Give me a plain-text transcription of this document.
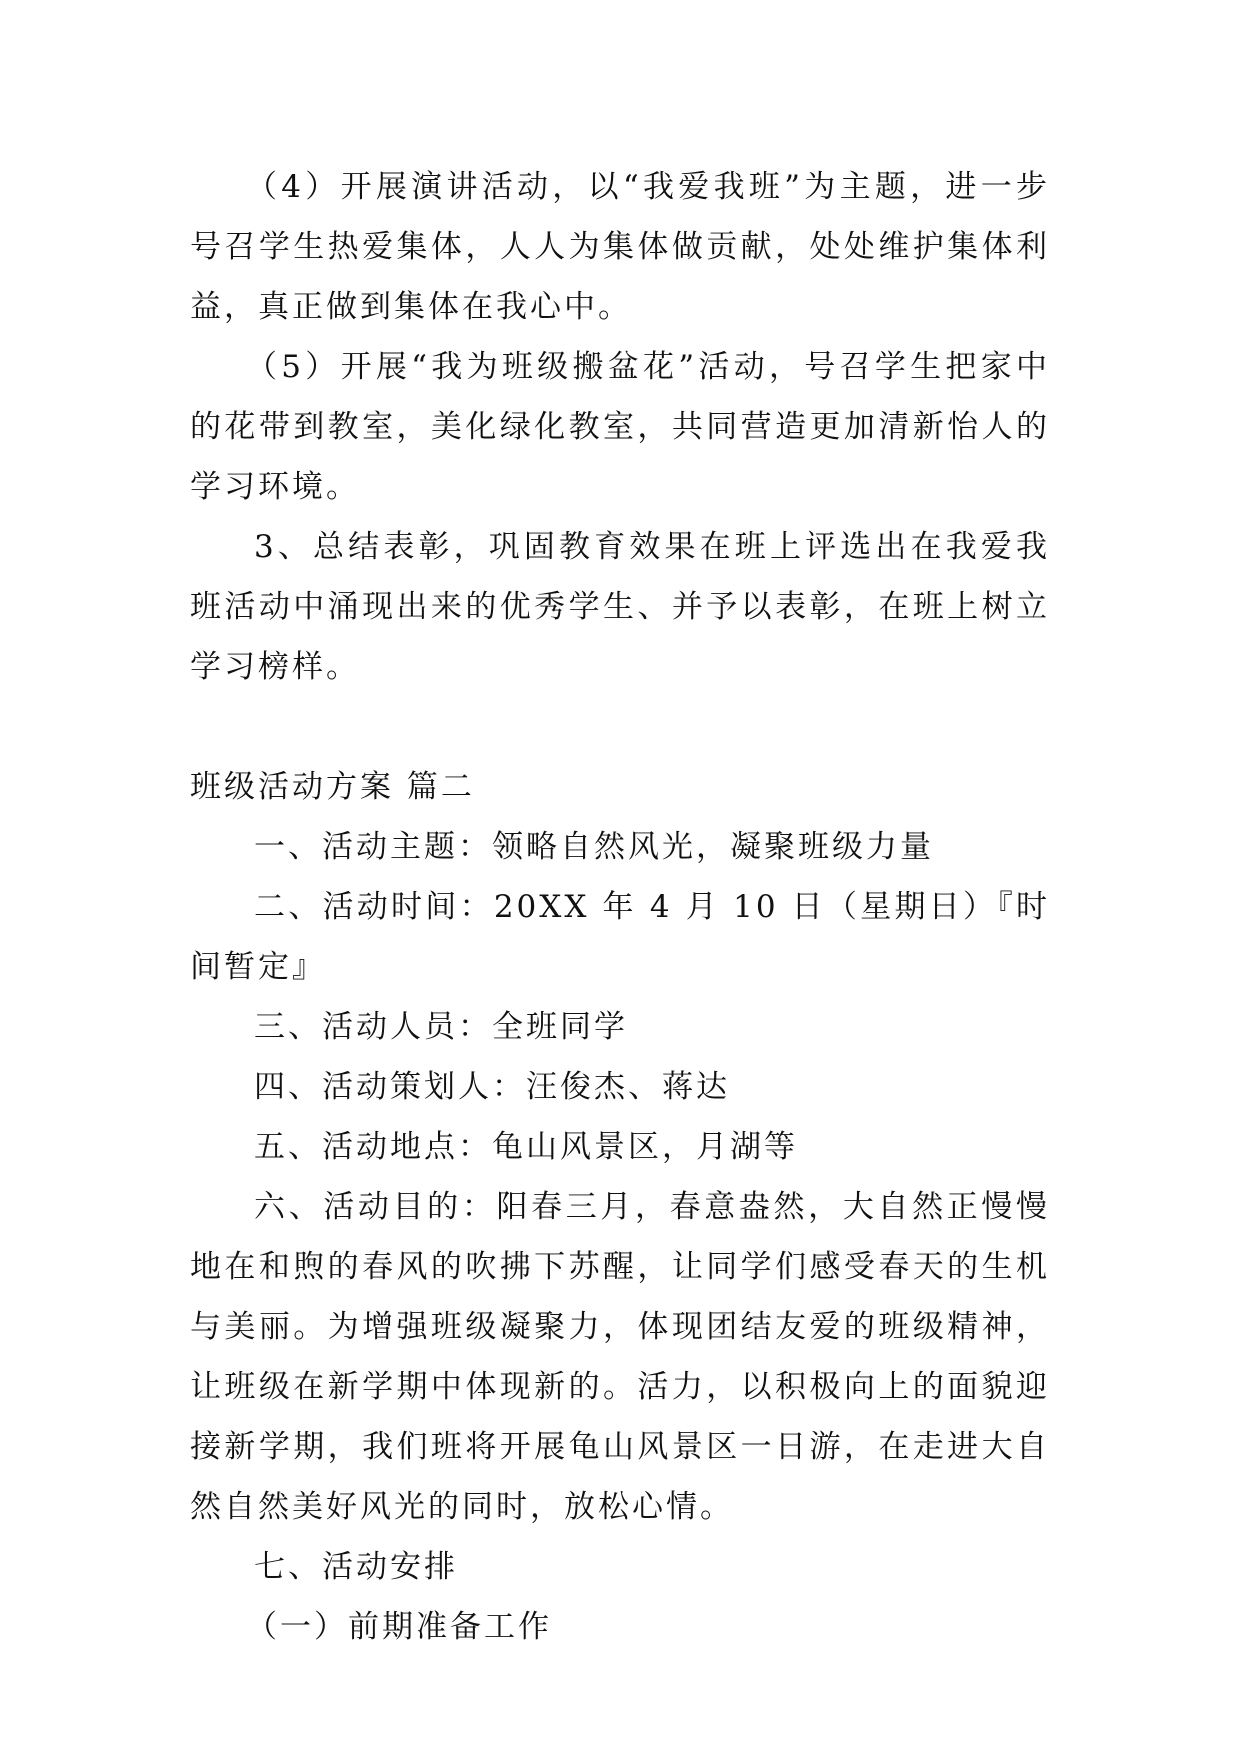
（4）开展演讲活动，以“我爱我班”为主题，进一步号召学生热爱集体，人人为集体做贡献，处处维护集体利益，真正做到集体在我心中。

（5）开展“我为班级搬盆花”活动，号召学生把家中的花带到教室，美化绿化教室，共同营造更加清新怡人的学习环境。

3、总结表彰，巩固教育效果在班上评选出在我爱我班活动中涌现出来的优秀学生、并予以表彰，在班上树立学习榜样。

班级活动方案 篇二

一、活动主题：领略自然风光，凝聚班级力量

二、活动时间：20XX 年 4 月 10 日（星期日）『时间暂定』

三、活动人员：全班同学

四、活动策划人：汪俊杰、蒋达

五、活动地点：龟山风景区，月湖等

六、活动目的：阳春三月，春意盎然，大自然正慢慢地在和煦的春风的吹拂下苏醒，让同学们感受春天的生机与美丽。为增强班级凝聚力，体现团结友爱的班级精神，让班级在新学期中体现新的。活力，以积极向上的面貌迎接新学期，我们班将开展龟山风景区一日游，在走进大自然自然美好风光的同时，放松心情。

七、活动安排

（一）前期准备工作
